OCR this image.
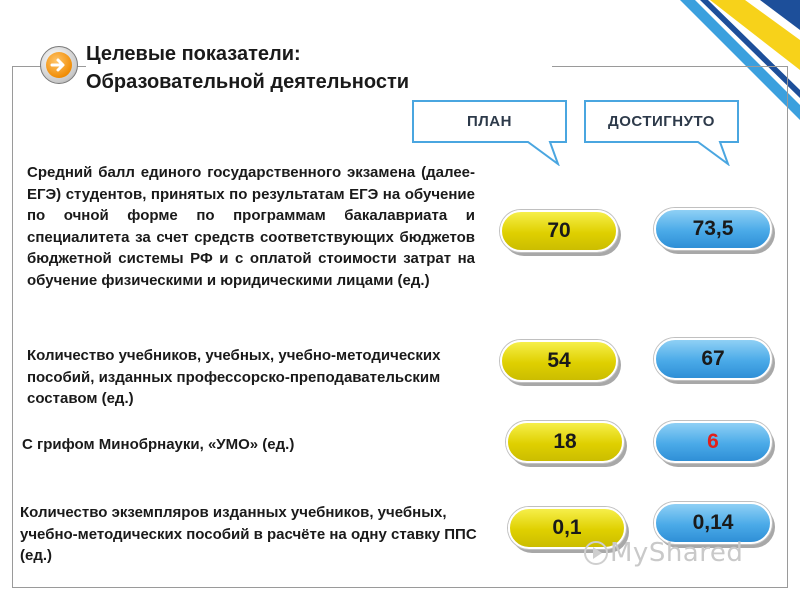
Целевые показатели:
Образовательной деятельности
ПЛАН	ДОСТИГНУТО
Средний балл единого государственного экзамена (далее-ЕГЭ) студентов, принятых по результатам ЕГЭ на обучение по очной форме по программам бакалавриата и специалитета за счет средств соответствующих бюджетов бюджетной системы РФ и с оплатой стоимости затрат на обучение физическими и юридическими лицами (ед.)
70	73,5
Количество учебников, учебных, учебно-методических пособий, изданных профессорско-преподавательским составом (ед.)
54	67
С грифом Минобрнауки, «УМО» (ед.)	18	6
Количество экземпляров изданных учебников, учебных, учебно-методических пособий в расчёте на одну ставку ППС (ед.)
0,1	0,14
MyShared
